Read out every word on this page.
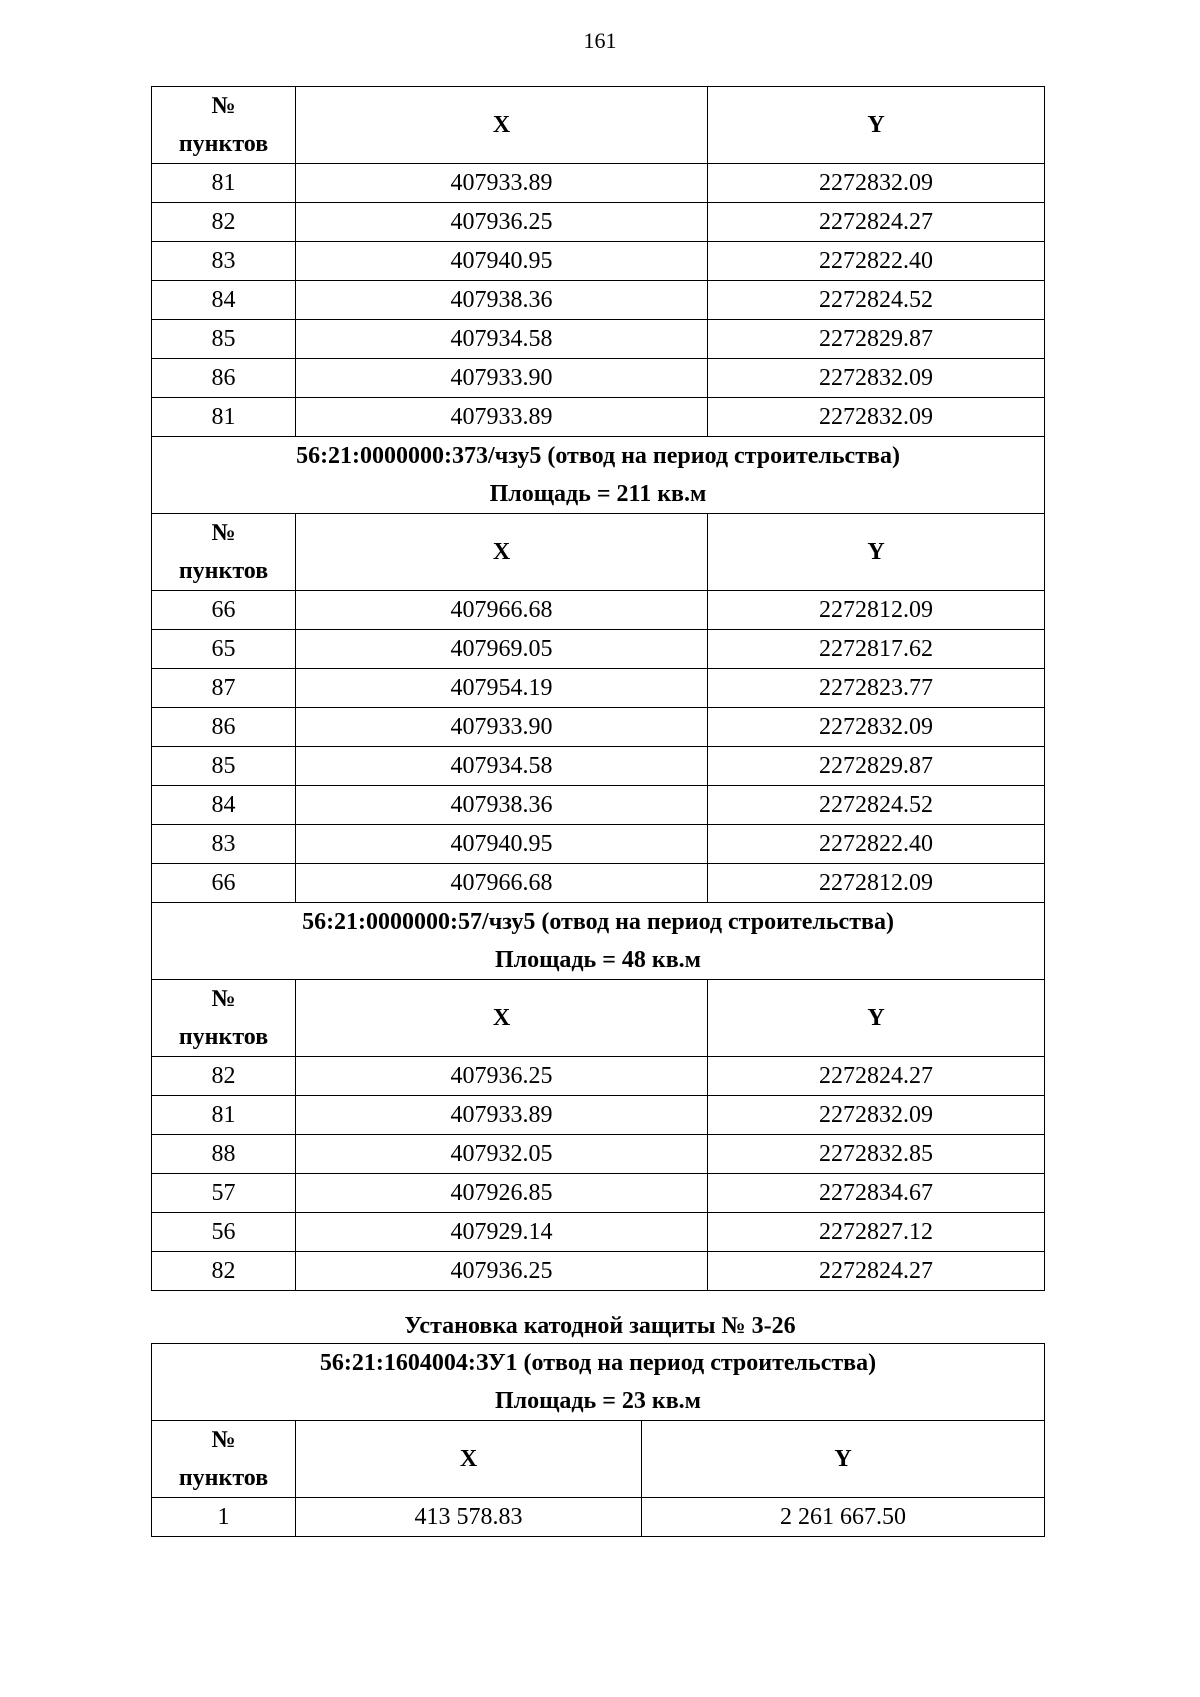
161
№
пунктов	X	Y
81	407933.89	2272832.09
82	407936.25	2272824.27
83	407940.95	2272822.40
84	407938.36	2272824.52
85	407934.58	2272829.87
86	407933.90	2272832.09
81	407933.89	2272832.09

56:21:0000000:373/чзу5 (отвод на период строительства)
Площадь = 211 кв.м		

№
пунктов	X	Y
66	407966.68	2272812.09
65	407969.05	2272817.62
87	407954.19	2272823.77
86	407933.90	2272832.09
85	407934.58	2272829.87
84	407938.36	2272824.52
83	407940.95	2272822.40
66	407966.68	2272812.09

56:21:0000000:57/чзу5 (отвод на период строительства)
Площадь = 48 кв.м		

№
пунктов	X	Y
82	407936.25	2272824.27
81	407933.89	2272832.09
88	407932.05	2272832.85
57	407926.85	2272834.67
56	407929.14	2272827.12
82	407936.25	2272824.27
Установка катодной защиты № 3-26
56:21:1604004:ЗУ1 (отвод на период строительства)
Площадь = 23 кв.м		

№
пунктов	X	Y
1	413 578.83	2 261 667.50
